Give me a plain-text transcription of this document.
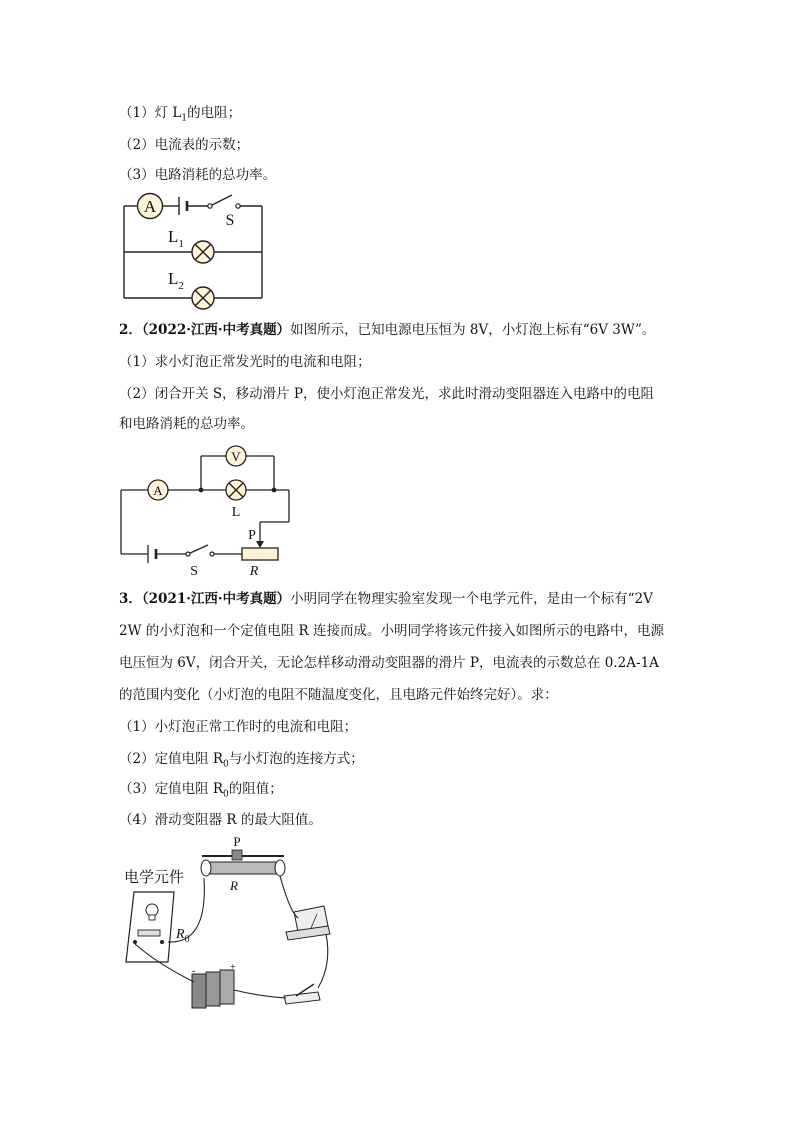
（1）灯 $L_1$的电阻；
（2）电流表的示数；
（3）电路消耗的总功率。
A
S
$L_1$
$L_2$
2．（2022·江西·中考真题）如图所示，已知电源电压恒为 8V，小灯泡上标有“6V 3W”。
（1）求小灯泡正常发光时的电流和电阻；
（2）闭合开关 S，移动滑片 P，使小灯泡正常发光，求此时滑动变阻器连入电路中的电阻
和电路消耗的总功率。
A
V
L
S
P
R
3．（2021·江西·中考真题）小明同学在物理实验室发现一个电学元件，是由一个标有“2V
2W 的小灯泡和一个定值电阻 R 连接而成。小明同学将该元件接入如图所示的电路中，电源
电压恒为 6V，闭合开关，无论怎样移动滑动变阻器的滑片 P，电流表的示数总在 0.2A-1A
的范围内变化（小灯泡的电阻不随温度变化，且电路元件始终完好）。求：
（1）小灯泡正常工作时的电流和电阻；
（2）定值电阻 $R_0$与小灯泡的连接方式；
（3）定值电阻 $R_0$的阻值；
（4）滑动变阻器 R 的最大阻值。
电学元件
$R_0$
P
R
-	+
